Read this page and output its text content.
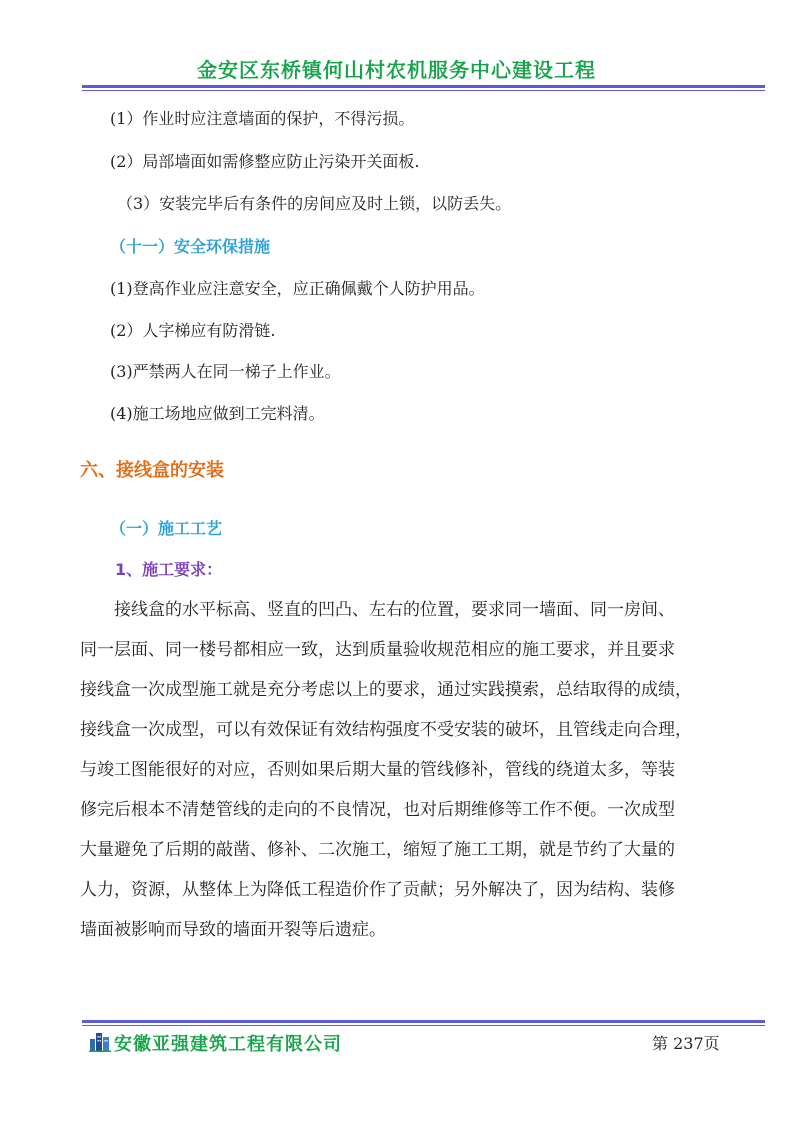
金安区东桥镇何山村农机服务中心建设工程
(1）作业时应注意墙面的保护，不得污损。
(2）局部墙面如需修整应防止污染开关面板.
（3）安装完毕后有条件的房间应及时上锁，以防丢失。
（十一）安全环保措施
(1)登高作业应注意安全，应正确佩戴个人防护用品。
(2）人字梯应有防滑链.
(3)严禁两人在同一梯子上作业。
(4)施工场地应做到工完料清。
六、接线盒的安装
（一）施工工艺
1、施工要求：
　　接线盒的水平标高、竖直的凹凸、左右的位置，要求同一墙面、同一房间、
同一层面、同一楼号都相应一致，达到质量验收规范相应的施工要求，并且要求
接线盒一次成型施工就是充分考虑以上的要求，通过实践摸索，总结取得的成绩，
接线盒一次成型，可以有效保证有效结构强度不受安装的破坏，且管线走向合理，
与竣工图能很好的对应，否则如果后期大量的管线修补，管线的绕道太多，等装
修完后根本不清楚管线的走向的不良情况，也对后期维修等工作不便。一次成型
大量避免了后期的敲凿、修补、二次施工，缩短了施工工期，就是节约了大量的
人力，资源，从整体上为降低工程造价作了贡献；另外解决了，因为结构、装修
墙面被影响而导致的墙面开裂等后遗症。
安徽亚强建筑工程有限公司	第 237页
